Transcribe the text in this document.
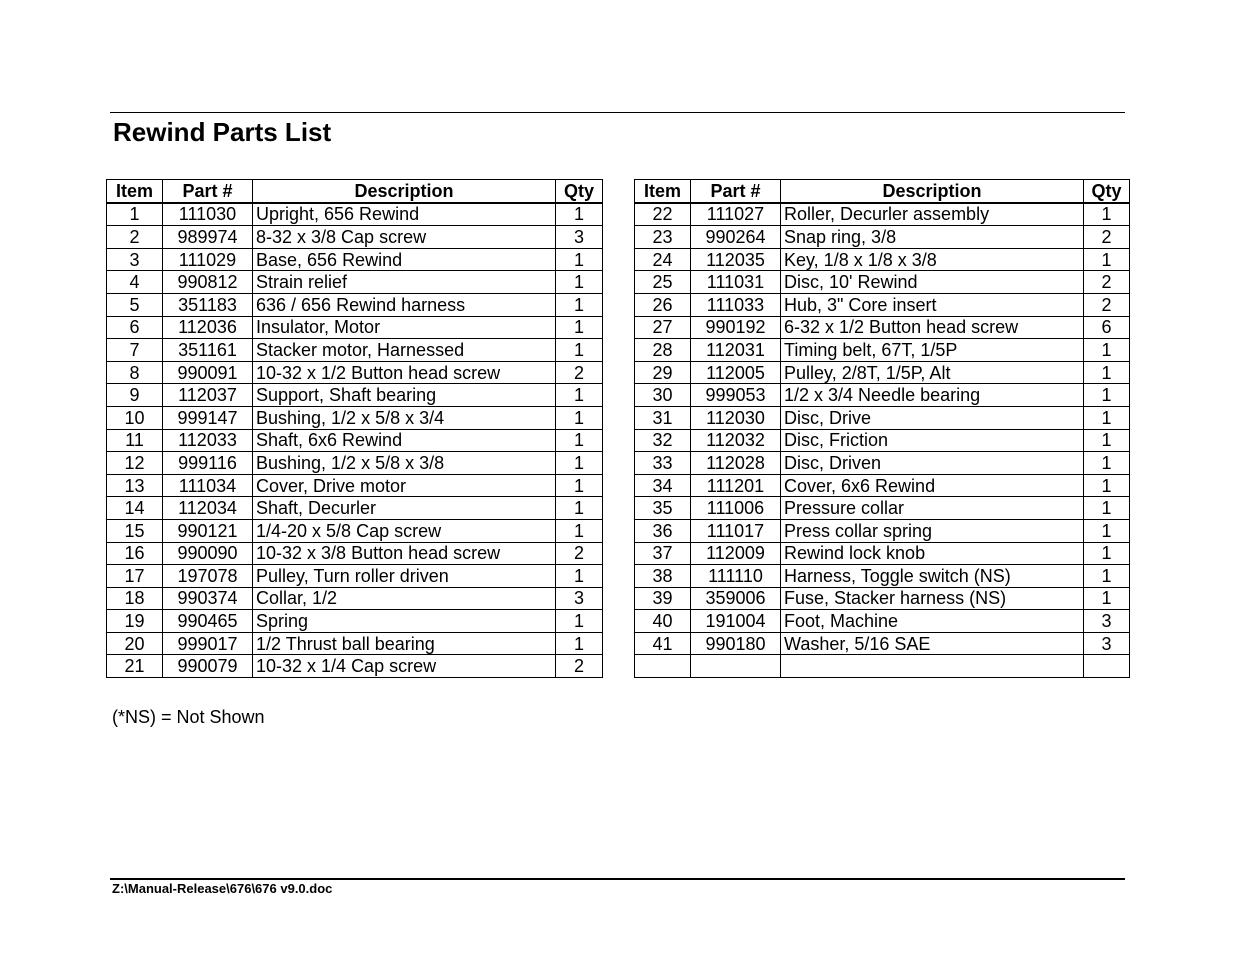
Rewind Parts List
Item	Part #	Description	Qty
1	111030	Upright, 656 Rewind	1
2	989974	8-32 x 3/8 Cap screw	3
3	111029	Base, 656 Rewind	1
4	990812	Strain relief	1
5	351183	636 / 656 Rewind harness	1
6	112036	Insulator, Motor	1
7	351161	Stacker motor, Harnessed	1
8	990091	10-32 x 1/2 Button head screw	2
9	112037	Support, Shaft bearing	1
10	999147	Bushing, 1/2 x 5/8 x 3/4	1
11	112033	Shaft, 6x6 Rewind	1
12	999116	Bushing, 1/2 x 5/8 x 3/8	1
13	111034	Cover, Drive motor	1
14	112034	Shaft, Decurler	1
15	990121	1/4-20 x 5/8 Cap screw	1
16	990090	10-32 x 3/8 Button head screw	2
17	197078	Pulley, Turn roller driven	1
18	990374	Collar, 1/2	3
19	990465	Spring	1
20	999017	1/2 Thrust ball bearing	1
21	990079	10-32 x 1/4 Cap screw	2
Item	Part #	Description	Qty
22	111027	Roller, Decurler assembly	1
23	990264	Snap ring, 3/8	2
24	112035	Key, 1/8 x 1/8 x 3/8	1
25	111031	Disc, 10' Rewind	2
26	111033	Hub, 3" Core insert	2
27	990192	6-32 x 1/2 Button head screw	6
28	112031	Timing belt, 67T, 1/5P	1
29	112005	Pulley, 2/8T, 1/5P, Alt	1
30	999053	1/2 x 3/4 Needle bearing	1
31	112030	Disc, Drive	1
32	112032	Disc, Friction	1
33	112028	Disc, Driven	1
34	111201	Cover, 6x6 Rewind	1
35	111006	Pressure collar	1
36	111017	Press collar spring	1
37	112009	Rewind lock knob	1
38	111110	Harness, Toggle switch (NS)	1
39	359006	Fuse, Stacker harness (NS)	1
40	191004	Foot, Machine	3
41	990180	Washer, 5/16 SAE	3

(*NS) = Not Shown
Z:\Manual-Release\676\676 v9.0.doc
